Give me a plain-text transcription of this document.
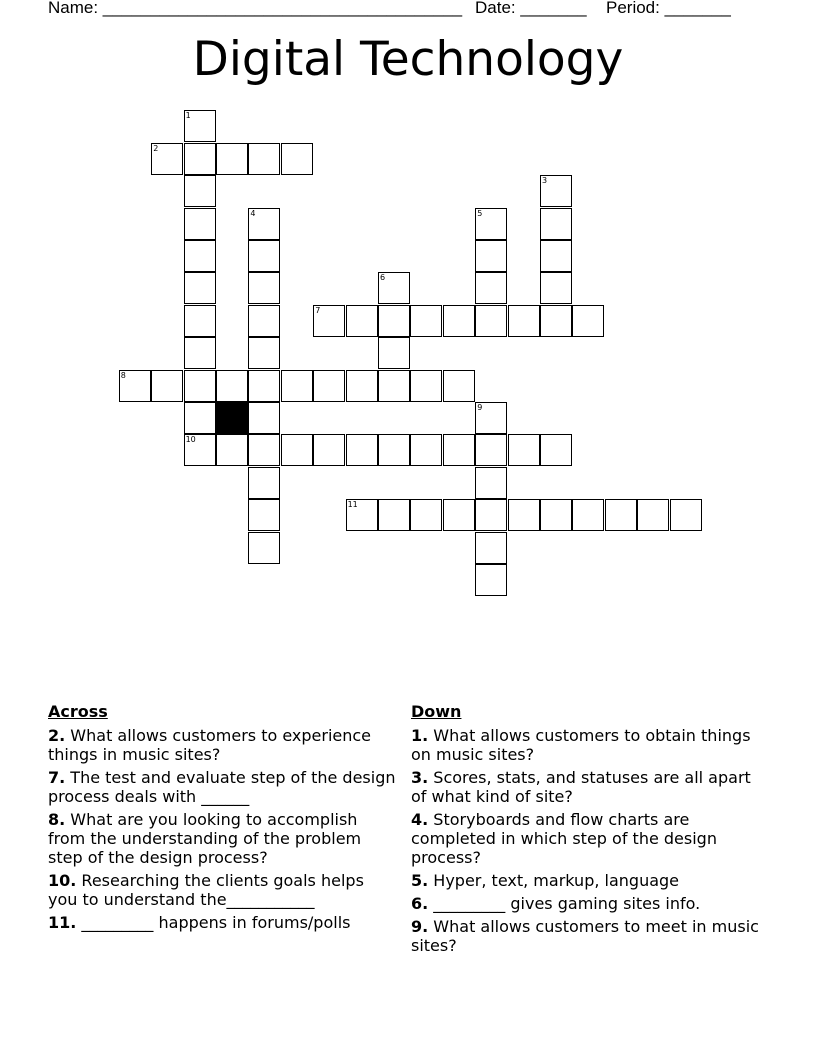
Name: ______________________________________ Date: _______ Period: _______
Digital Technology
1
2
3
4	5
6
7
8
9
10
11
Across
2. What allows customers to experience things in music sites?
7. The test and evaluate step of the design process deals with ______
8. What are you looking to accomplish from the understanding of the problem step of the design process?
10. Researching the clients goals helps you to understand the___________
11. _________ happens in forums/polls
Down
1. What allows customers to obtain things on music sites?
3. Scores, stats, and statuses are all apart of what kind of site?
4. Storyboards and flow charts are completed in which step of the design process?
5. Hyper, text, markup, language
6. _________ gives gaming sites info.
9. What allows customers to meet in music sites?
